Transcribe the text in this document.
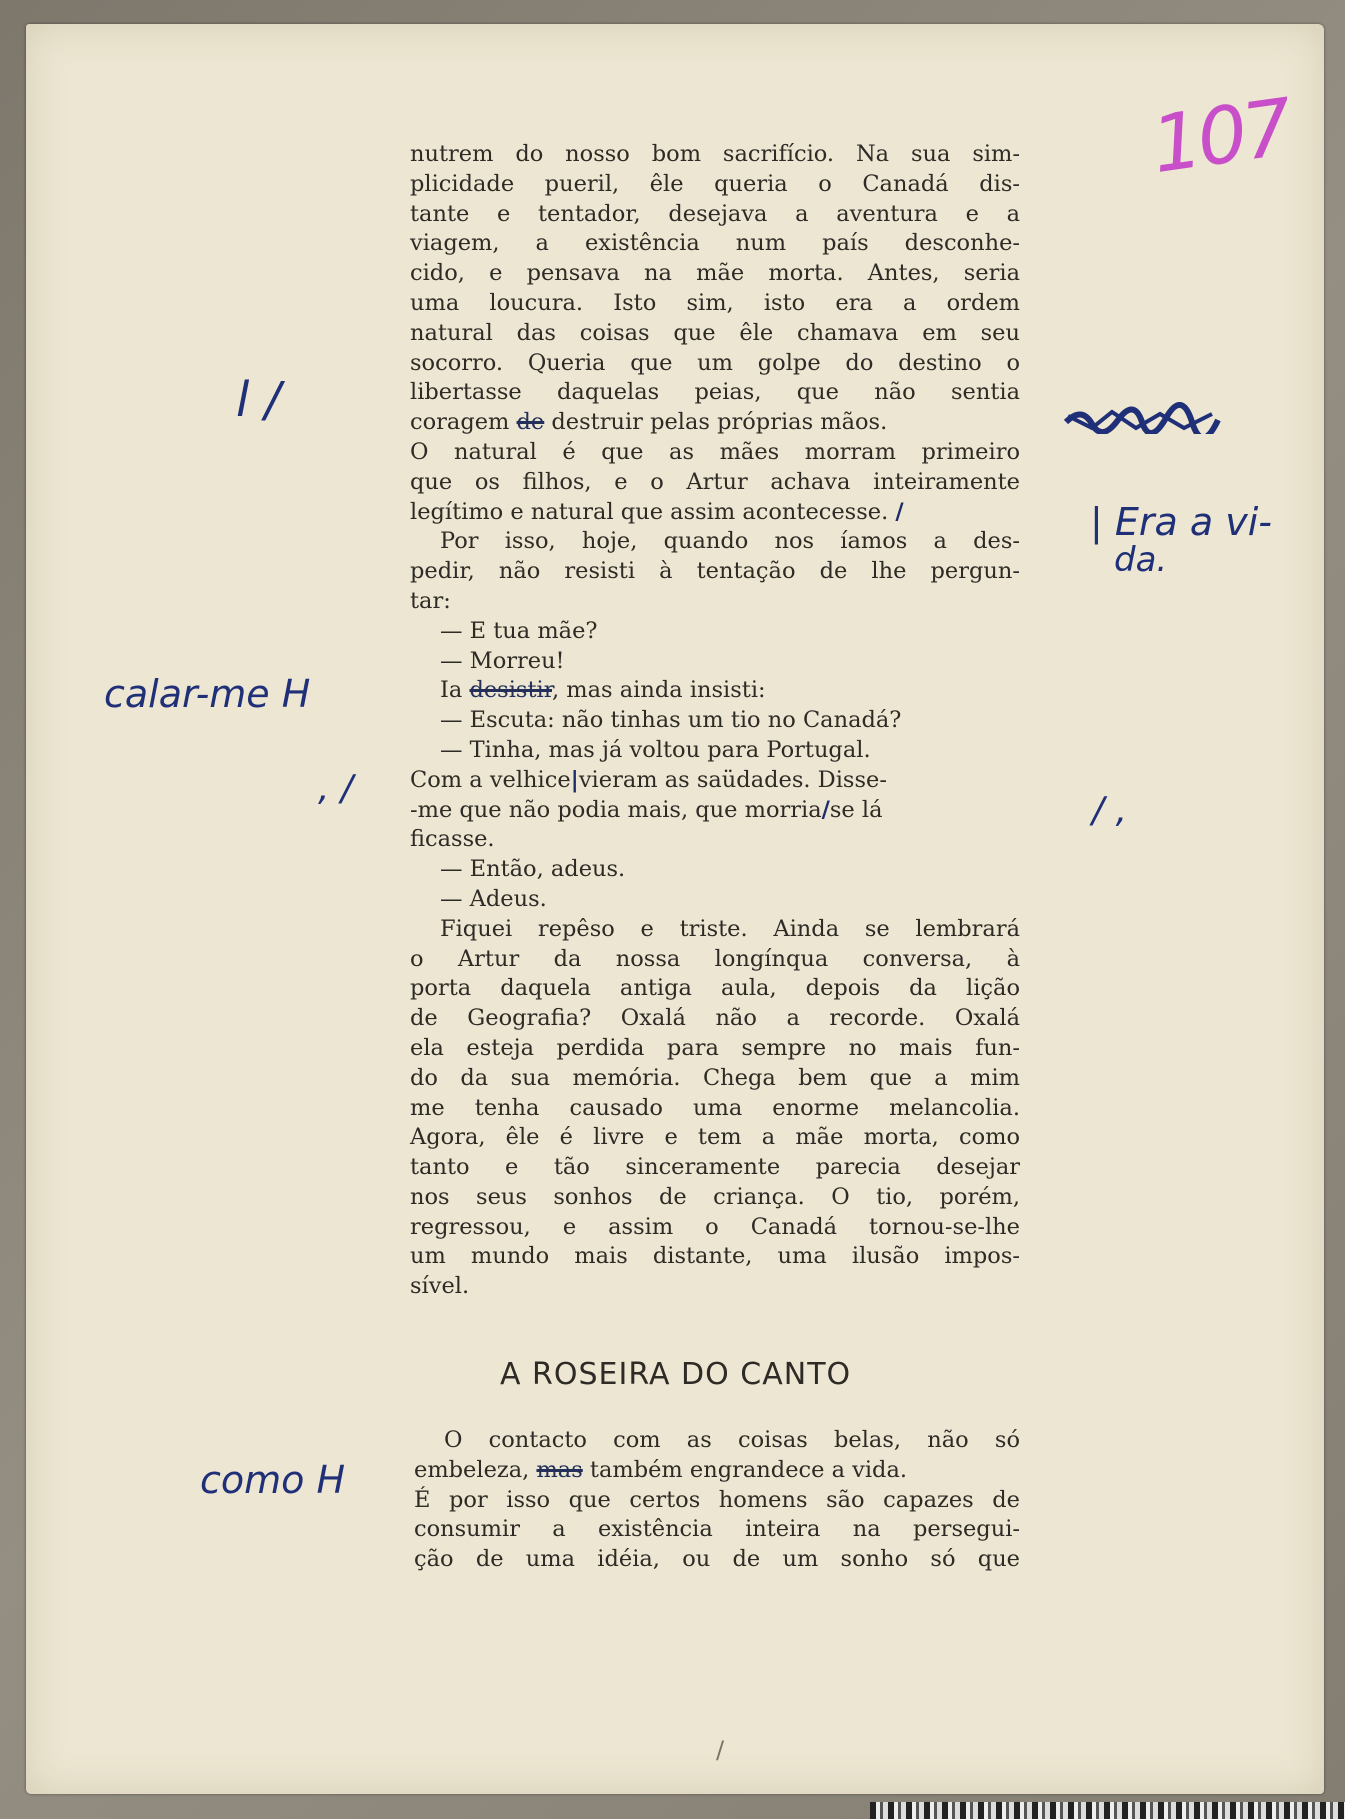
107
nutrem do nosso bom sacrifício. Na sua sim-
plicidade pueril, êle queria o Canadá dis-
tante e tentador, desejava a aventura e a
viagem, a existência num país desconhe-
cido, e pensava na mãe morta. Antes, seria
uma loucura. Isto sim, isto era a ordem
natural das coisas que êle chamava em seu
socorro. Queria que um golpe do destino o
libertasse daquelas peias, que não sentia
coragem de destruir pelas próprias mãos.
O natural é que as mães morram primeiro
que os filhos, e o Artur achava inteiramente
legítimo e natural que assim acontecesse. /
Por isso, hoje, quando nos íamos a des-
pedir, não resisti à tentação de lhe pergun-
tar:
— E tua mãe?
— Morreu!
Ia desistir, mas ainda insisti:
— Escuta: não tinhas um tio no Canadá?
— Tinha, mas já voltou para Portugal.
Com a velhice|vieram as saüdades. Disse-
-me que não podia mais, que morria/se lá
ficasse.
— Então, adeus.
— Adeus.
Fiquei repêso e triste. Ainda se lembrará
o Artur da nossa longínqua conversa, à
porta daquela antiga aula, depois da lição
de Geografia? Oxalá não a recorde. Oxalá
ela esteja perdida para sempre no mais fun-
do da sua memória. Chega bem que a mim
me tenha causado uma enorme melancolia.
Agora, êle é livre e tem a mãe morta, como
tanto e tão sinceramente parecia desejar
nos seus sonhos de criança. O tio, porém,
regressou, e assim o Canadá tornou-se-lhe
um mundo mais distante, uma ilusão impos-
sível.
A ROSEIRA DO CANTO
O contacto com as coisas belas, não só
embeleza, mas também engrandece a vida.
É por isso que certos homens são capazes de
consumir a existência inteira na persegui-
ção de uma idéia, ou de um sonho só que
l /
calar-me H
, /
como H
| Era a vi-
da.
/ ,
/
